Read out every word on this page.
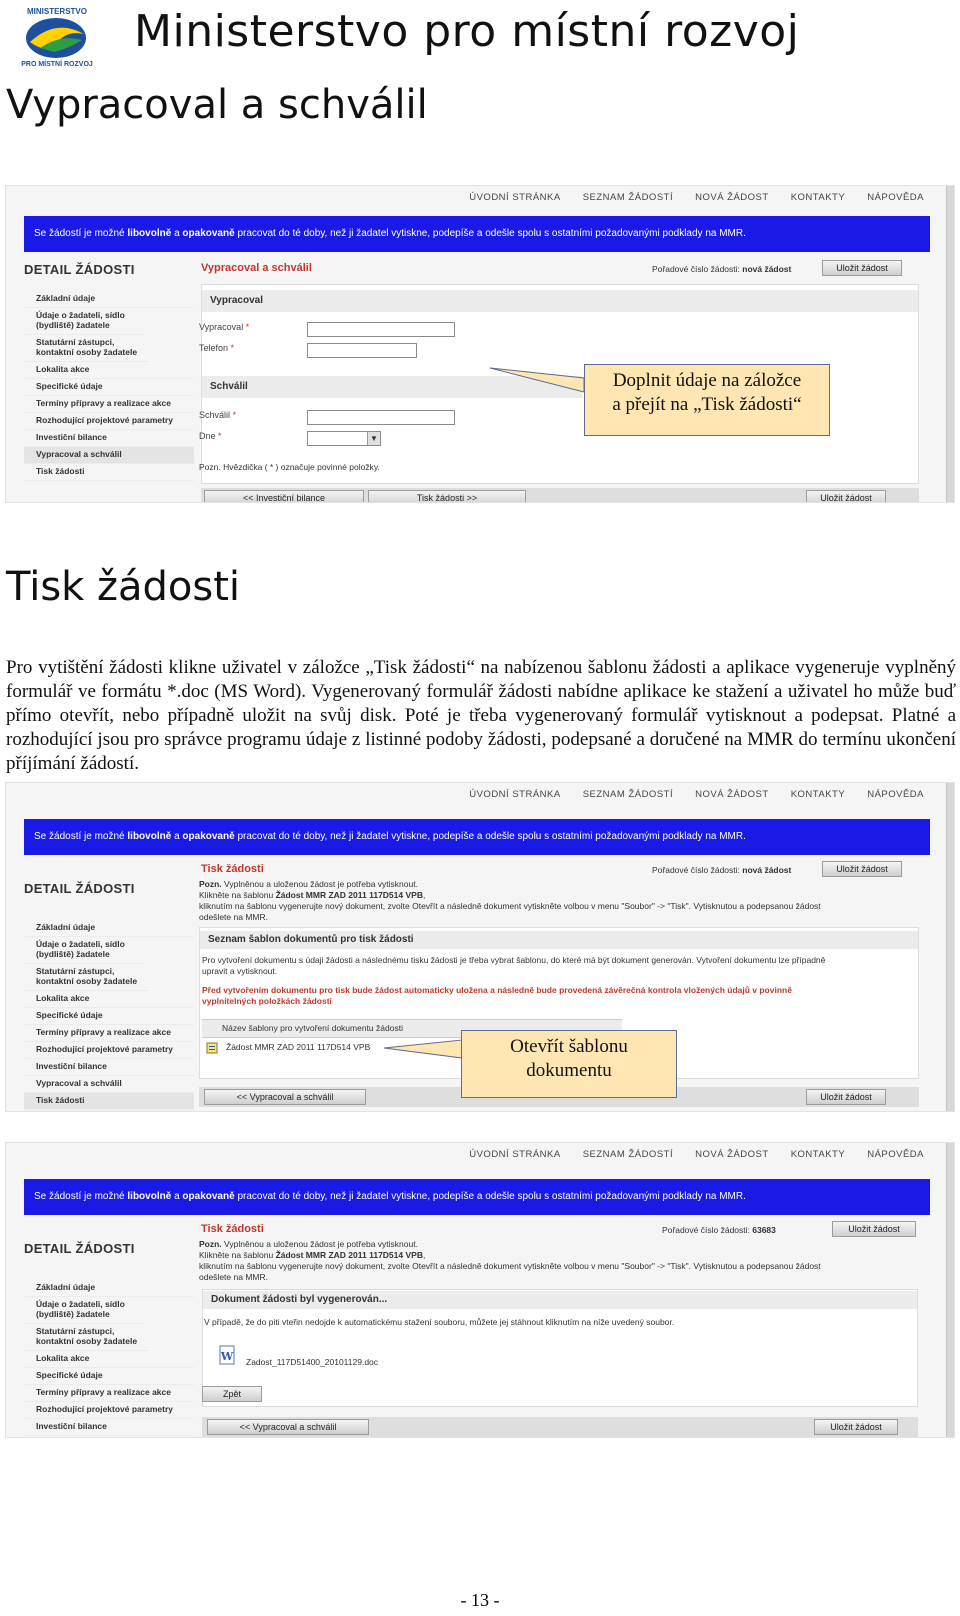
MINISTERSTVO
PRO MÍSTNÍ ROZVOJ
Ministerstvo pro místní rozvoj
Vypracoval a schválil
ÚVODNÍ STRÁNKA SEZNAM ŽÁDOSTÍ NOVÁ ŽÁDOST KONTAKTY NÁPOVĚDA
Se žádostí je možné libovolně a opakovaně pracovat do té doby, než ji žadatel vytiskne, podepíše a odešle spolu s ostatními požadovanými podklady na MMR.
DETAIL ŽÁDOSTI
Základní údaje
Údaje o žadateli, sídlo (bydliště) žadatele
Statutární zástupci, kontaktní osoby žadatele
Lokalita akce
Specifické údaje
Termíny přípravy a realizace akce
Rozhodující projektové parametry
Investiční bilance
Vypracoval a schválil
Tisk žádosti
Vypracoval a schválil	Pořadové číslo žádosti: nová žádost	Uložit žádost
Vypracoval
Vypracoval *
Telefon *
Schválil
Schválil *
Dne *	▼
Pozn. Hvězdička ( * ) označuje povinné položky.
<< Investiční bilance	Tisk žádosti >>	Uložit žádost
Doplnit údaje na záložce
a přejít na „Tisk žádosti“
Tisk žádosti
Pro vytištění žádosti klikne uživatel v záložce „Tisk žádosti“ na nabízenou šablonu žádosti a aplikace vygeneruje vyplněný formulář ve formátu *.doc (MS Word). Vygenerovaný formulář žádosti nabídne aplikace ke stažení a uživatel ho může buď přímo otevřít, nebo případně uložit na svůj disk. Poté je třeba vygenerovaný formulář vytisknout a podepsat. Platné a rozhodující jsou pro správce programu údaje z listinné podoby žádosti, podepsané a doručené na MMR do termínu ukončení příjímání žádostí.
ÚVODNÍ STRÁNKA SEZNAM ŽÁDOSTÍ NOVÁ ŽÁDOST KONTAKTY NÁPOVĚDA
Se žádostí je možné libovolně a opakovaně pracovat do té doby, než ji žadatel vytiskne, podepíše a odešle spolu s ostatními požadovanými podklady na MMR.
DETAIL ŽÁDOSTI
Základní údaje
Údaje o žadateli, sídlo (bydliště) žadatele
Statutární zástupci, kontaktní osoby žadatele
Lokalita akce
Specifické údaje
Termíny přípravy a realizace akce
Rozhodující projektové parametry
Investiční bilance
Vypracoval a schválil
Tisk žádosti
Tisk žádosti	Pořadové číslo žádosti: nová žádost	Uložit žádost
Pozn. Vyplněnou a uloženou žádost je potřeba vytisknout.
Klikněte na šablonu Žádost MMR ZAD 2011 117D514 VPB,
kliknutím na šablonu vygenerujte nový dokument, zvolte Otevřít a následně dokument vytiskněte volbou v menu "Soubor" -> "Tisk". Vytisknutou a podepsanou žádost
odešlete na MMR.
Seznam šablon dokumentů pro tisk žádosti
Pro vytvoření dokumentu s údaji žádosti a následnému tisku žádosti je třeba vybrat šablonu, do které má být dokument generován. Vytvoření dokumentu lze případně
upravit a vytisknout.
Před vytvořením dokumentu pro tisk bude žádost automaticky uložena a následně bude provedená závěrečná kontrola vložených údajů v povinně
vyplnitelných položkách žádosti
Název šablony pro vytvoření dokumentu žádosti
Žádost MMR ZAD 2011 117D514 VPB
<< Vypracoval a schválil	Uložit žádost
Otevřít šablonu
dokumentu
ÚVODNÍ STRÁNKA SEZNAM ŽÁDOSTÍ NOVÁ ŽÁDOST KONTAKTY NÁPOVĚDA
Se žádostí je možné libovolně a opakovaně pracovat do té doby, než ji žadatel vytiskne, podepíše a odešle spolu s ostatními požadovanými podklady na MMR.
DETAIL ŽÁDOSTI
Základní údaje
Údaje o žadateli, sídlo (bydliště) žadatele
Statutární zástupci, kontaktní osoby žadatele
Lokalita akce
Specifické údaje
Termíny přípravy a realizace akce
Rozhodující projektové parametry
Investiční bilance
Tisk žádosti	Pořadové číslo žádosti: 63683	Uložit žádost
Pozn. Vyplněnou a uloženou žádost je potřeba vytisknout.
Klikněte na šablonu Žádost MMR ZAD 2011 117D514 VPB,
kliknutím na šablonu vygenerujte nový dokument, zvolte Otevřít a následně dokument vytiskněte volbou v menu "Soubor" -> "Tisk". Vytisknutou a podepsanou žádost
odešlete na MMR.
Dokument žádosti byl vygenerován...
V případě, že do piti vteřin nedojde k automatickému stažení souboru, můžete jej stáhnout kliknutím na níže uvedený soubor.
W Zadost_117D51400_20101129.doc
Zpět
<< Vypracoval a schválil	Uložit žádost
- 13 -
